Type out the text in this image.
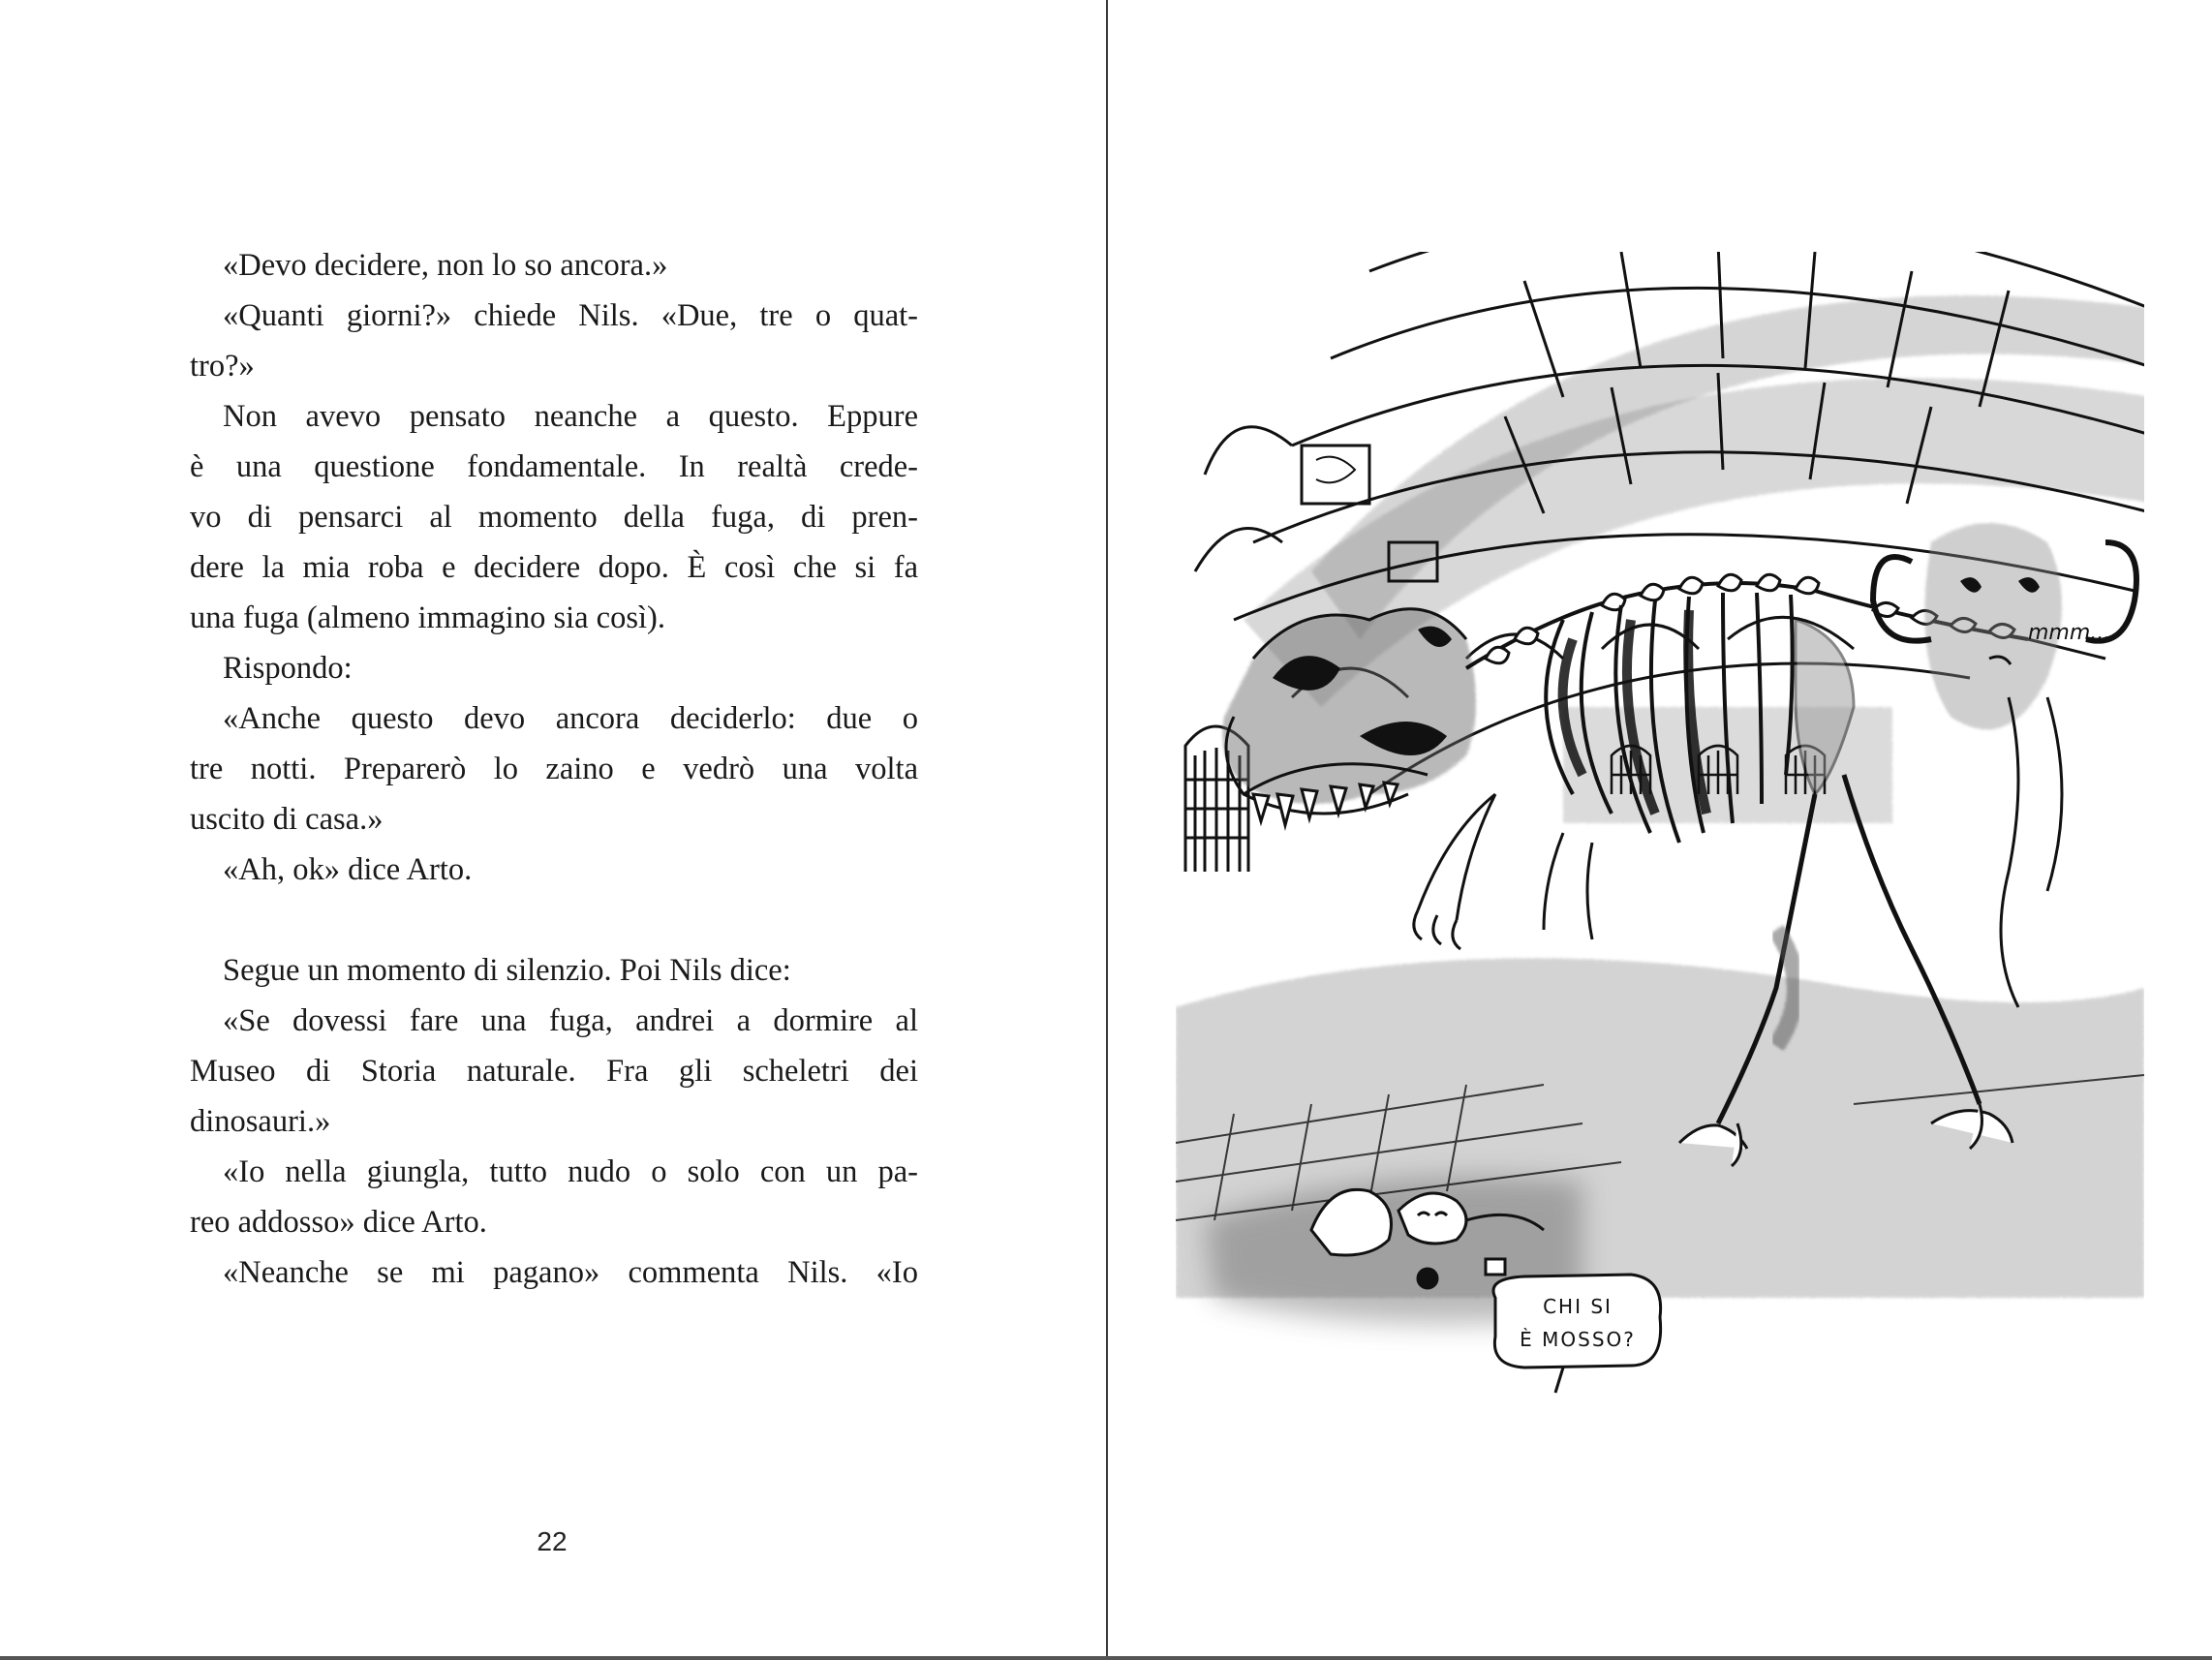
«Devo decidere, non lo so ancora.»
«Quanti giorni?» chiede Nils. «Due, tre o quat-
tro?»
Non avevo pensato neanche a questo. Eppure
è una questione fondamentale. In realtà crede-
vo di pensarci al momento della fuga, di pren-
dere la mia roba e decidere dopo. È così che si fa
una fuga (almeno immagino sia così).
Rispondo:
«Anche questo devo ancora deciderlo: due o
tre notti. Preparerò lo zaino e vedrò una volta
uscito di casa.»
«Ah, ok» dice Arto.
Segue un momento di silenzio. Poi Nils dice:
«Se dovessi fare una fuga, andrei a dormire al
Museo di Storia naturale. Fra gli scheletri dei
dinosauri.»
«Io nella giungla, tutto nudo o solo con un pa-
reo addosso» dice Arto.
«Neanche se mi pagano» commenta Nils. «Io
22
mmm...
CHI SI
È MOSSO?
